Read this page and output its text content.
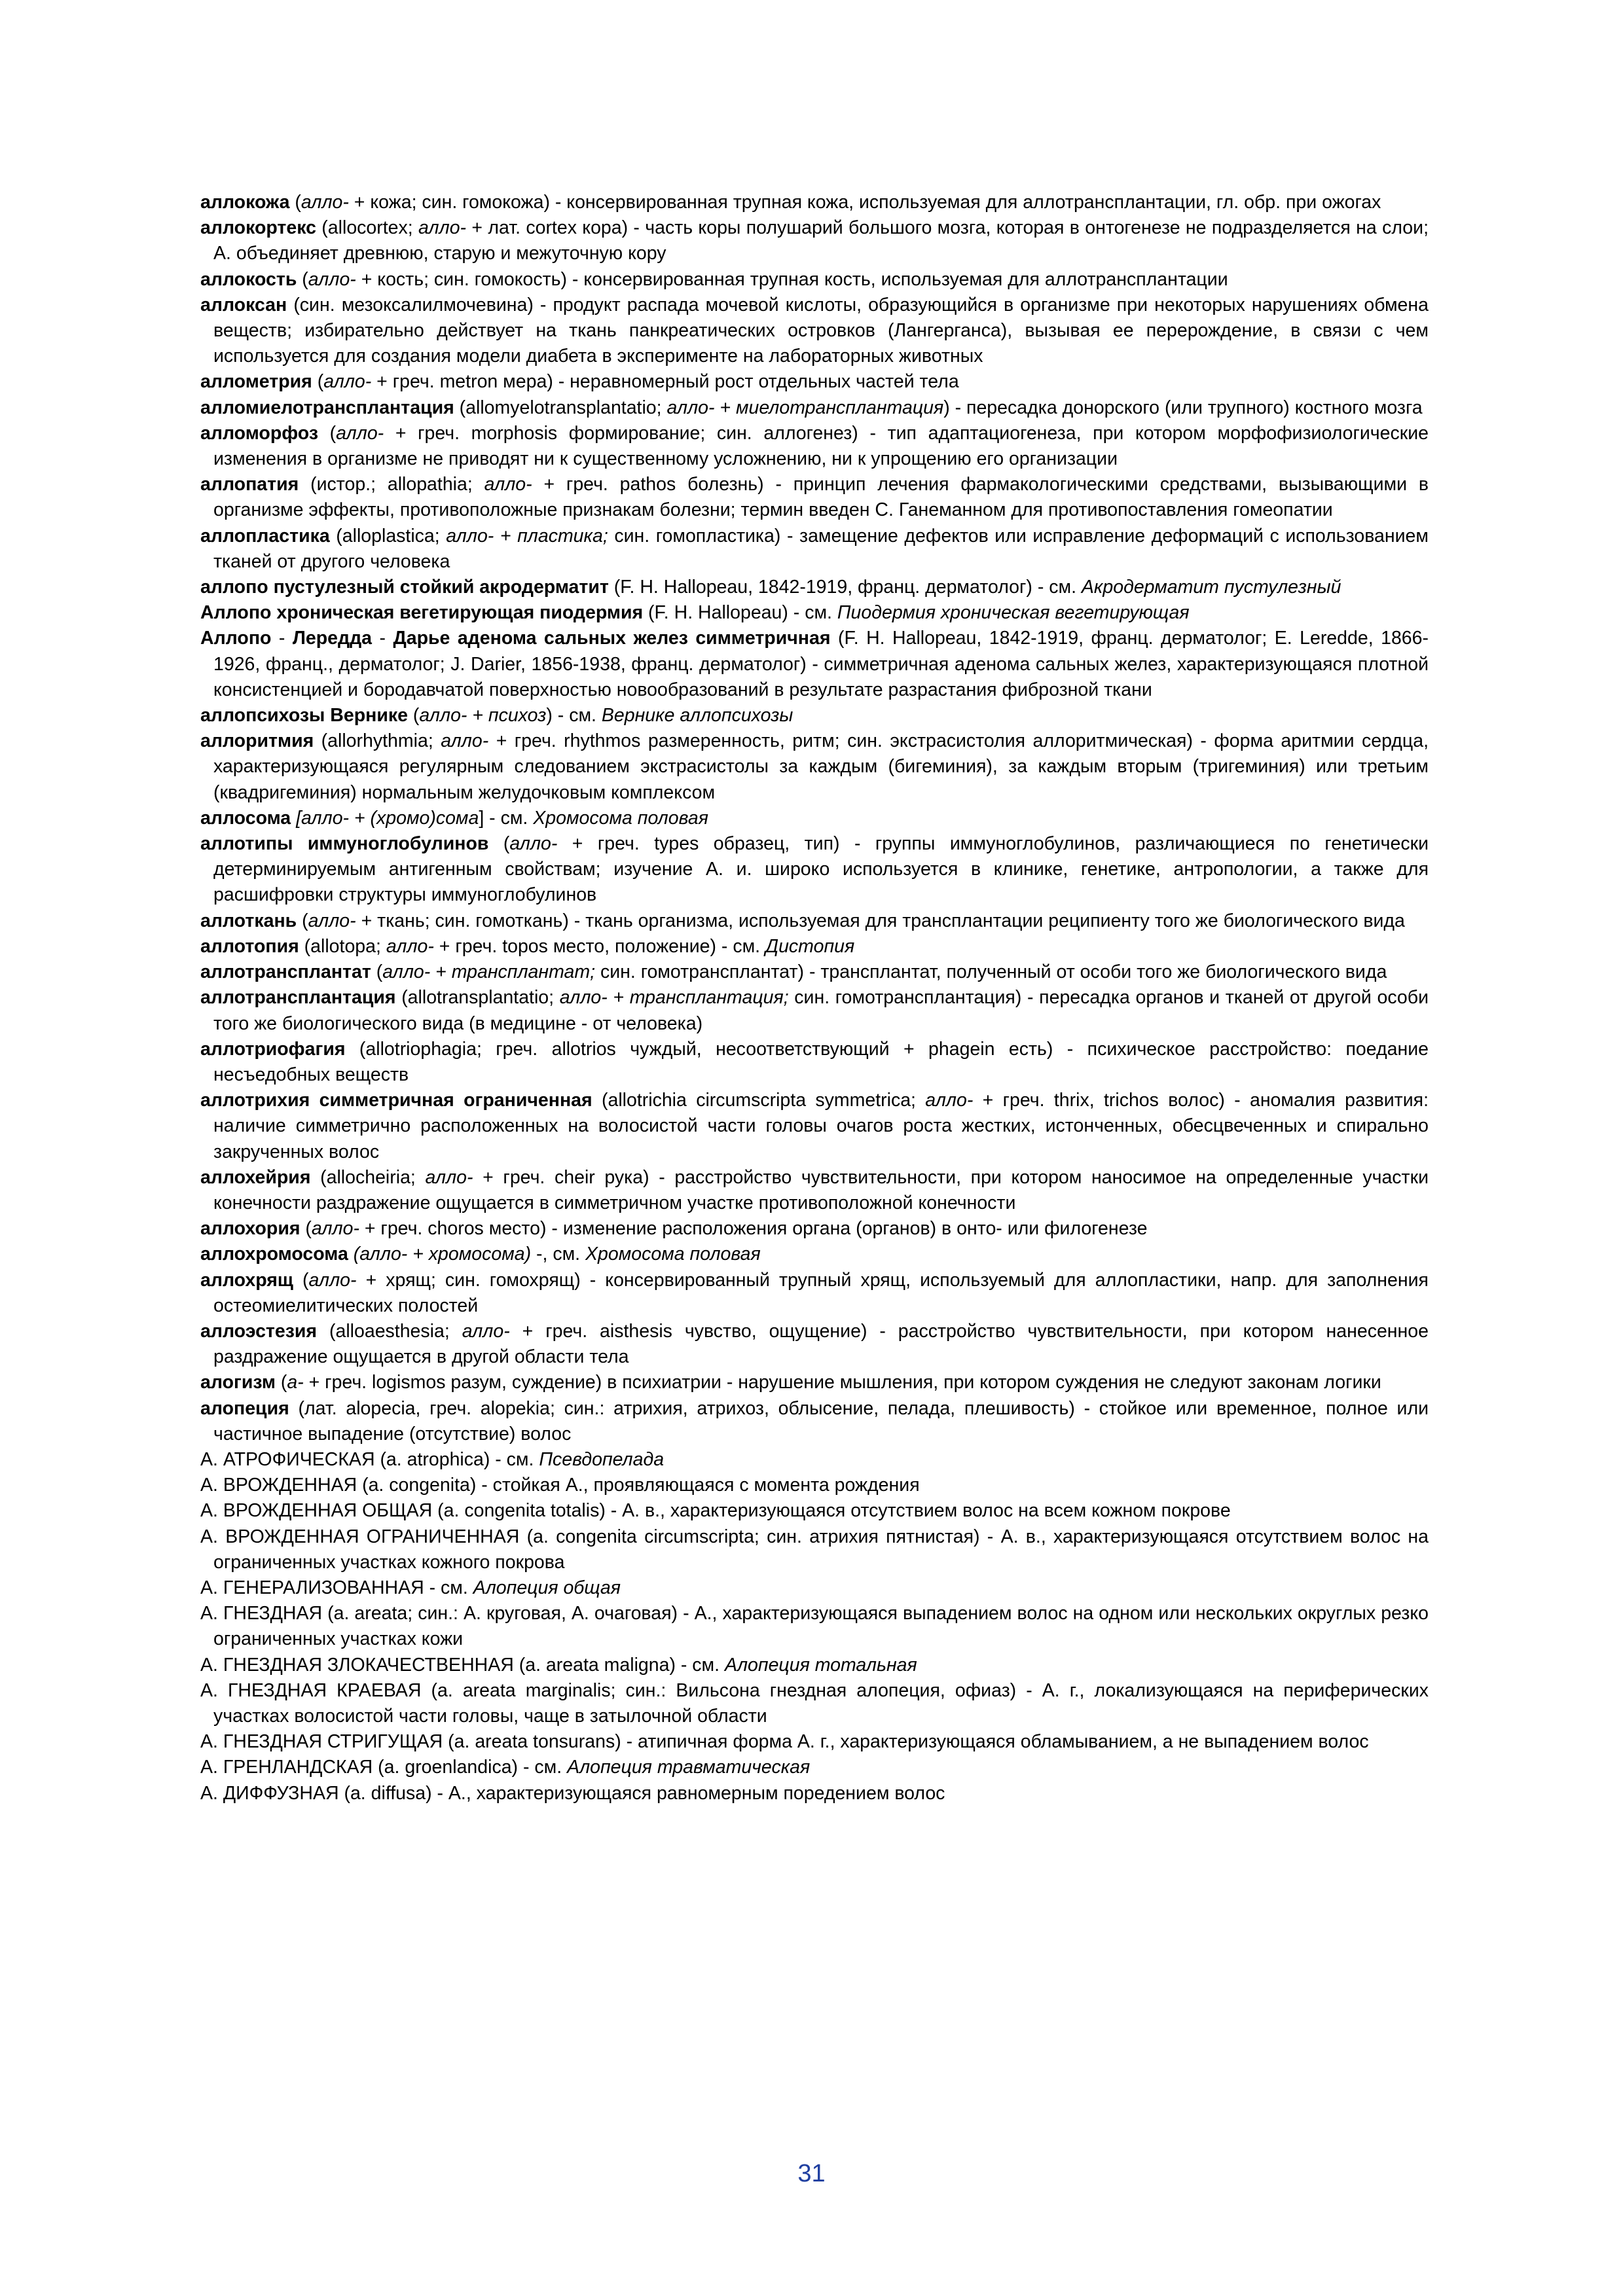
аллокожа (алло- + кожа; син. гомокожа) - консервированная трупная кожа, используемая для аллотрансплантации, гл. обр. при ожогах

аллокортекс (allocortex; алло- + лат. cortex кора) - часть коры полушарий большого мозга, которая в онтогенезе не подразделяется на слои; А. объединяет древнюю, старую и межуточную кору

аллокость (алло- + кость; син. гомокость) - консервированная трупная кость, используемая для аллотрансплантации

аллоксан (син. мезоксалилмочевина) - продукт распада мочевой кислоты, образующийся в организме при некоторых нарушениях обмена веществ; избирательно действует на ткань панкреатических островков (Лангерганса), вызывая ее перерождение, в связи с чем используется для создания модели диабета в эксперименте на лабораторных животных

аллометрия (алло- + греч. metron мера) - неравномерный рост отдельных частей тела

алломиелотрансплантация (allomyelotransplantatio; алло- + миелотрансплантация) - пересадка донорского (или трупного) костного мозга

алломорфоз (алло- + греч. morphosis формирование; син. аллогенез) - тип адаптациогенеза, при котором морфофизиологические изменения в организме не приводят ни к существенному усложнению, ни к упрощению его организации

аллопатия (истор.; allopathia; алло- + греч. pathos болезнь) - принцип лечения фармакологическими средствами, вызывающими в организме эффекты, противоположные признакам болезни; термин введен С. Ганеманном для противопоставления гомеопатии

аллопластика (alloplastica; алло- + пластика; син. гомопластика) - замещение дефектов или исправление деформаций с использованием тканей от другого человека

аллопо пустулезный стойкий акродерматит (F. H. Hallopeau, 1842-1919, франц. дерматолог) - см. Акродерматит пустулезный

Аллопо хроническая вегетирующая пиодермия (F. H. Hallopeau) - см. Пиодермия хроническая вегетирующая

Аллопо - Лередда - Дарье аденома сальных желез симметричная (F. H. Hallopeau, 1842-1919, франц. дерматолог; E. Leredde, 1866-1926, франц., дерматолог; J. Darier, 1856-1938, франц. дерматолог) - симметричная аденома сальных желез, характеризующаяся плотной консистенцией и бородавчатой поверхностью новообразований в результате разрастания фиброзной ткани

аллопсихозы Вернике (алло- + психоз) - см. Вернике аллопсихозы

аллоритмия (allorhythmia; алло- + греч. rhythmos размеренность, ритм; син. экстрасистолия аллоритмическая) - форма аритмии сердца, характеризующаяся регулярным следованием экстрасистолы за каждым (бигеминия), за каждым вторым (тригеминия) или третьим (квадригеминия) нормальным желудочковым комплексом

аллосома [алло- + (хромо)сома] - см. Хромосома половая

аллотипы иммуноглобулинов (алло- + греч. types образец, тип) - группы иммуноглобулинов, различающиеся по генетически детерминируемым антигенным свойствам; изучение А. и. широко используется в клинике, генетике, антропологии, а также для расшифровки структуры иммуноглобулинов

аллоткань (алло- + ткань; син. гомоткань) - ткань организма, используемая для трансплантации реципиенту того же биологического вида

аллотопия (allotopa; алло- + греч. topos место, положение) - см. Дистопия

аллотрансплантат (алло- + трансплантат; син. гомотрансплантат) - трансплантат, полученный от особи того же биологического вида

аллотрансплантация (allotransplantatio; алло- + трансплантация; син. гомотрансплантация) - пересадка органов и тканей от другой особи того же биологического вида (в медицине - от человека)

аллотриофагия (allotriophagia; греч. allotrios чуждый, несоответствующий + phagein есть) - психическое расстройство: поедание несъедобных веществ

аллотрихия симметричная ограниченная (allotrichia circumscripta symmetrica; алло- + греч. thrix, trichos волос) - аномалия развития: наличие симметрично расположенных на волосистой части головы очагов роста жестких, истонченных, обесцвеченных и спирально закрученных волос

аллохейрия (allocheiria; алло- + греч. cheir рука) - расстройство чувствительности, при котором наносимое на определенные участки конечности раздражение ощущается в симметричном участке противоположной конечности

аллохория (алло- + греч. choros место) - изменение расположения органа (органов) в онто- или филогенезе

аллохромосома (алло- + хромосома) -, см. Хромосома половая

аллохрящ (алло- + хрящ; син. гомохрящ) - консервированный трупный хрящ, используемый для аллопластики, напр. для заполнения остеомиелитических полостей

аллоэстезия (alloaesthesia; алло- + греч. aisthesis чувство, ощущение) - расстройство чувствительности, при котором нанесенное раздражение ощущается в другой области тела

алогизм (а- + греч. logismos разум, суждение) в психиатрии - нарушение мышления, при котором суждения не следуют законам логики

алопеция (лат. alopecia, греч. alopekia; син.: атрихия, атрихоз, облысение, пелада, плешивость) - стойкое или временное, полное или частичное выпадение (отсутствие) волос

А. АТРОФИЧЕСКАЯ (a. atrophica) - см. Псевдопелада

А. ВРОЖДЕННАЯ (a. congenita) - стойкая А., проявляющаяся с момента рождения

А. ВРОЖДЕННАЯ ОБЩАЯ (a. congenita totalis) - А. в., характеризующаяся отсутствием волос на всем кожном покрове

А. ВРОЖДЕННАЯ ОГРАНИЧЕННАЯ (a. congenita circumscripta; син. атрихия пятнистая) - А. в., характеризующаяся отсутствием волос на ограниченных участках кожного покрова

А. ГЕНЕРАЛИЗОВАННАЯ - см. Алопеция общая

А. ГНЕЗДНАЯ (a. areata; син.: А. круговая, А. очаговая) - А., характеризующаяся выпадением волос на одном или нескольких округлых резко ограниченных участках кожи

А. ГНЕЗДНАЯ ЗЛОКАЧЕСТВЕННАЯ (a. areata maligna) - см. Алопеция тотальная

А. ГНЕЗДНАЯ КРАЕВАЯ (a. areata marginalis; син.: Вильсона гнездная алопеция, офиаз) - А. г., локализующаяся на периферических участках волосистой части головы, чаще в затылочной области

А. ГНЕЗДНАЯ СТРИГУЩАЯ (a. areata tonsurans) - атипичная форма А. г., характеризующаяся обламыванием, а не выпадением волос

А. ГРЕНЛАНДСКАЯ (a. groenlandica) - см. Алопеция травматическая

А. ДИФФУЗНАЯ (a. diffusa) - А., характеризующаяся равномерным поредением волос

31
